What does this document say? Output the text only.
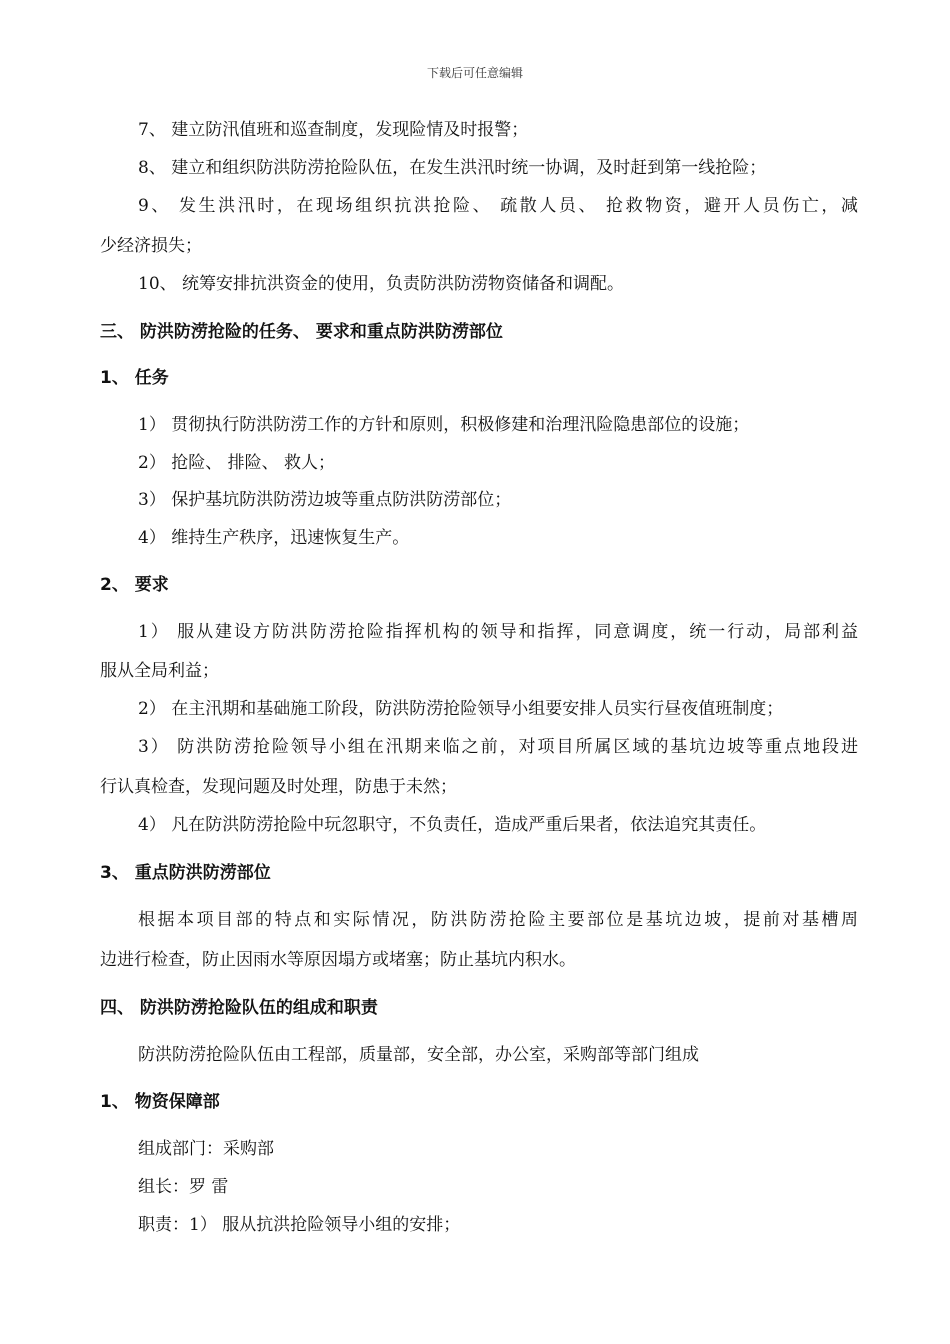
下载后可任意编辑
7、 建立防汛值班和巡查制度，发现险情及时报警；
8、 建立和组织防洪防涝抢险队伍，在发生洪汛时统一协调，及时赶到第一线抢险；
9、 发生洪汛时，在现场组织抗洪抢险、 疏散人员、 抢救物资，避开人员伤亡，减
少经济损失；
10、 统筹安排抗洪资金的使用，负责防洪防涝物资储备和调配。
三、 防洪防涝抢险的任务、 要求和重点防洪防涝部位
1、 任务
1） 贯彻执行防洪防涝工作的方针和原则，积极修建和治理汛险隐患部位的设施；
2） 抢险、 排险、 救人；
3） 保护基坑防洪防涝边坡等重点防洪防涝部位；
4） 维持生产秩序，迅速恢复生产。
2、 要求
1） 服从建设方防洪防涝抢险指挥机构的领导和指挥，同意调度，统一行动，局部利益
服从全局利益；
2） 在主汛期和基础施工阶段，防洪防涝抢险领导小组要安排人员实行昼夜值班制度；
3） 防洪防涝抢险领导小组在汛期来临之前，对项目所属区域的基坑边坡等重点地段进
行认真检查，发现问题及时处理，防患于未然；
4） 凡在防洪防涝抢险中玩忽职守，不负责任，造成严重后果者，依法追究其责任。
3、 重点防洪防涝部位
根据本项目部的特点和实际情况，防洪防涝抢险主要部位是基坑边坡，提前对基槽周
边进行检查，防止因雨水等原因塌方或堵塞；防止基坑内积水。
四、 防洪防涝抢险队伍的组成和职责
防洪防涝抢险队伍由工程部，质量部，安全部，办公室，采购部等部门组成
1、 物资保障部
组成部门：采购部
组长：罗 雷
职责：1） 服从抗洪抢险领导小组的安排；
